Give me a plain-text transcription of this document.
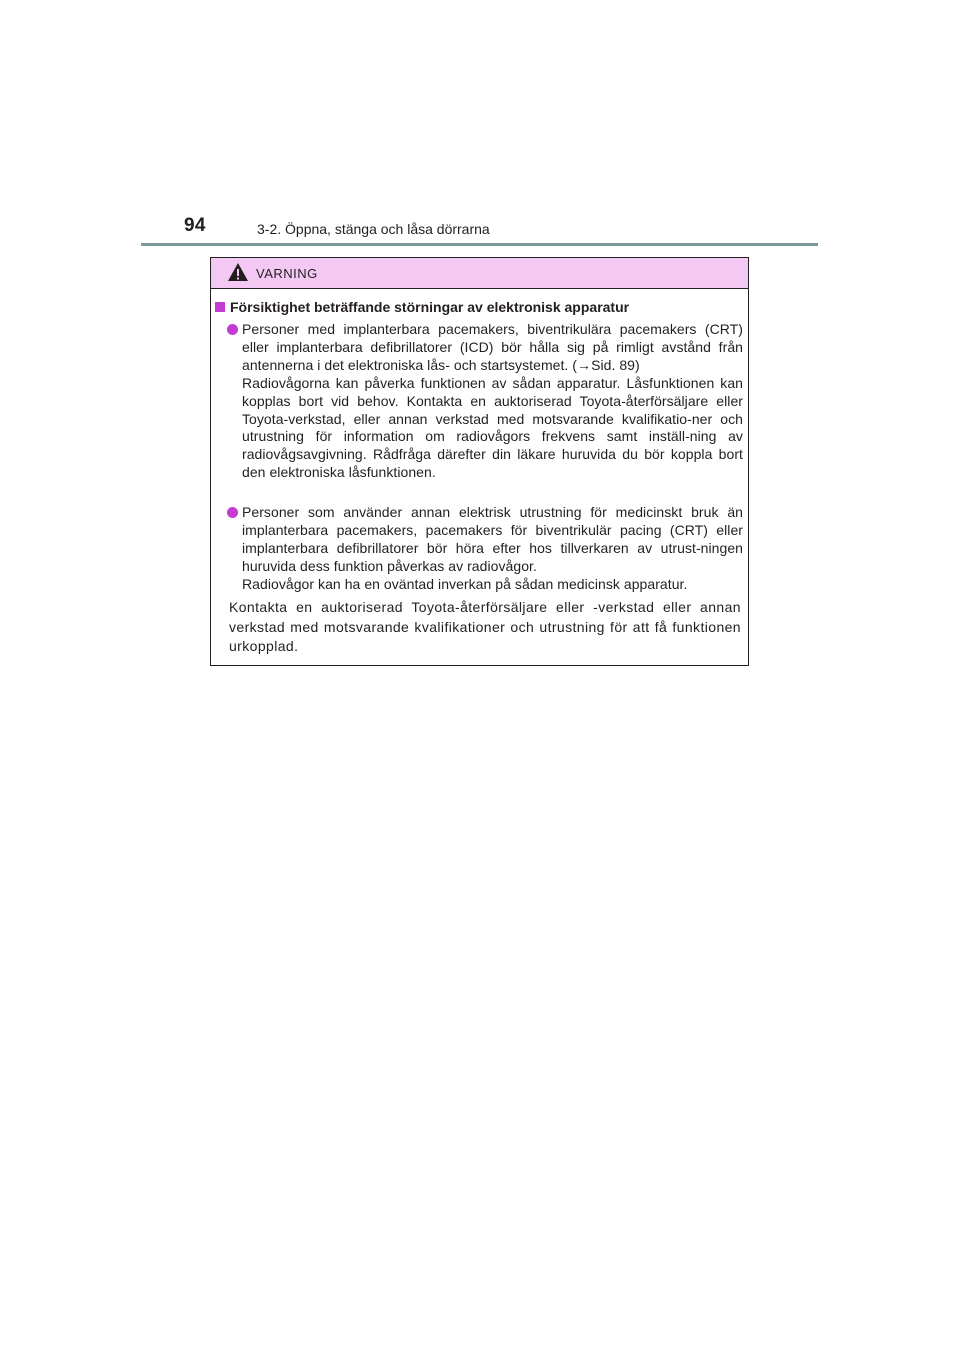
94	3-2. Öppna, stänga och låsa dörrarna
VARNING
Försiktighet beträffande störningar av elektronisk apparatur

Personer med implanterbara pacemakers, biventrikulära pacemakers (CRT) eller implanterbara defibrillatorer (ICD) bör hålla sig på rimligt avstånd från antennerna i det elektroniska lås- och startsystemet. (→Sid. 89)

Radiovågorna kan påverka funktionen av sådan apparatur. Låsfunktionen kan kopplas bort vid behov. Kontakta en auktoriserad Toyota-återförsäljare eller Toyota-verkstad, eller annan verkstad med motsvarande kvalifikatio-ner och utrustning för information om radiovågors frekvens samt inställ-ning av radiovågsavgivning. Rådfråga därefter din läkare huruvida du bör koppla bort den elektroniska låsfunktionen.

Personer som använder annan elektrisk utrustning för medicinskt bruk än implanterbara pacemakers, pacemakers för biventrikulär pacing (CRT) eller implanterbara defibrillatorer bör höra efter hos tillverkaren av utrust-ningen huruvida dess funktion påverkas av radiovågor.

Radiovågor kan ha en oväntad inverkan på sådan medicinsk apparatur.

Kontakta en auktoriserad Toyota-återförsäljare eller -verkstad eller annan verkstad med motsvarande kvalifikationer och utrustning för att få funktionen urkopplad.
